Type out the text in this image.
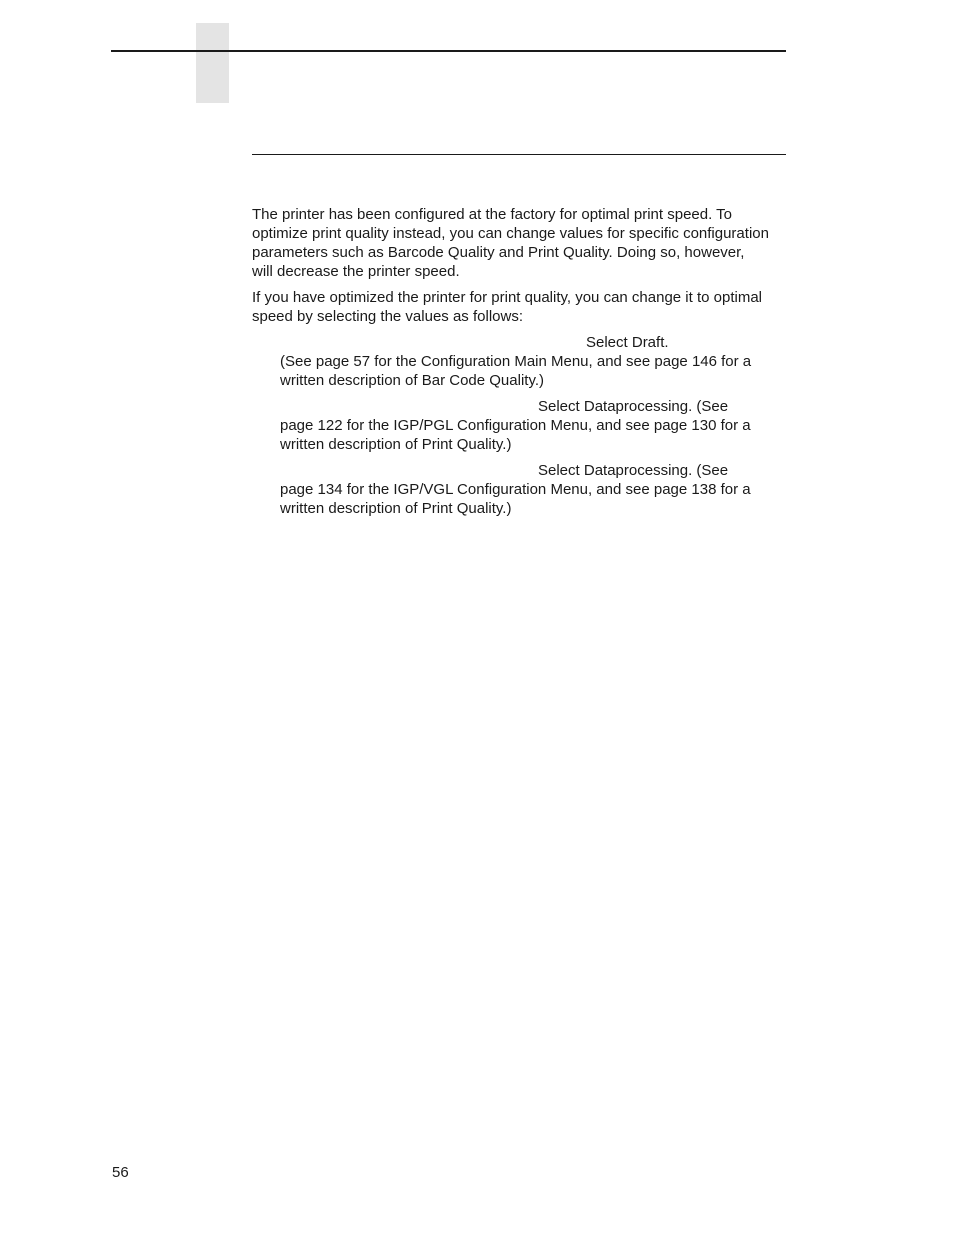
The printer has been configured at the factory for optimal print speed. To
optimize print quality instead, you can change values for specific configuration
parameters such as Barcode Quality and Print Quality. Doing so, however,
will decrease the printer speed.

If you have optimized the printer for print quality, you can change it to optimal
speed by selecting the values as follows:

Select Draft.
(See page 57 for the Configuration Main Menu, and see page 146 for a
written description of Bar Code Quality.)
Select Dataprocessing. (See
page 122 for the IGP/PGL Configuration Menu, and see page 130 for a
written description of Print Quality.)
Select Dataprocessing. (See
page 134 for the IGP/VGL Configuration Menu, and see page 138 for a
written description of Print Quality.)
56
